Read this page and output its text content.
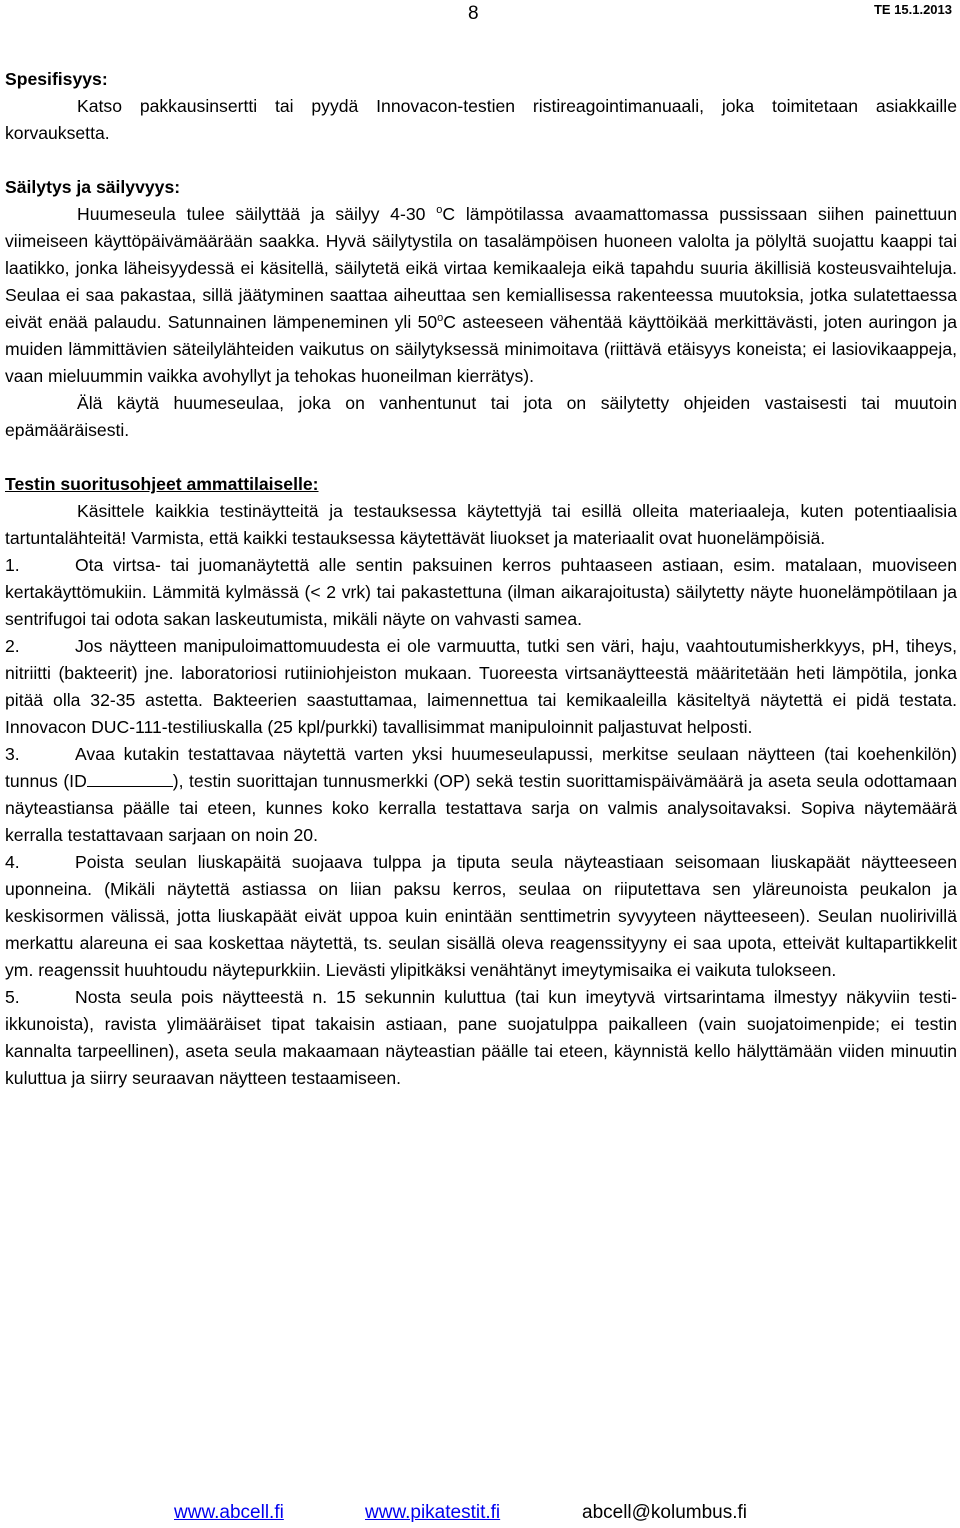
8	TE 15.1.2013

Spesifisyys:

Katso pakkausinsertti tai pyydä Innovacon-testien ristireagointimanuaali, joka toimitetaan asiakkaille korvauksetta.

Säilytys ja säilyvyys:

Huumeseula tulee säilyttää ja säilyy 4-30 $^o$C lämpötilassa avaamattomassa pussissaan siihen painettuun viimeiseen käyttöpäivämäärään saakka. Hyvä säilytystila on tasalämpöisen huoneen valolta ja pölyltä suojattu kaappi tai laatikko, jonka läheisyydessä ei käsitellä, säilytetä eikä virtaa kemikaaleja eikä tapahdu suuria äkillisiä kosteusvaihteluja. Seulaa ei saa pakastaa, sillä jäätyminen saattaa aiheuttaa sen kemiallisessa rakenteessa muutoksia, jotka sulatettaessa eivät enää palaudu. Satunnainen lämpeneminen yli 50$^o$C asteeseen vähentää käyttöikää merkittävästi, joten auringon ja muiden lämmittävien säteilylähteiden vaikutus on säilytyksessä minimoitava (riittävä etäisyys koneista; ei lasiovikaappeja, vaan mieluummin vaikka avohyllyt ja tehokas huoneilman kierrätys).

Älä käytä huumeseulaa, joka on vanhentunut tai jota on säilytetty ohjeiden vastaisesti tai muutoin epämääräisesti.

Testin suoritusohjeet ammattilaiselle:

Käsittele kaikkia testinäytteitä ja testauksessa käytettyjä tai esillä olleita materiaaleja, kuten potentiaalisia tartuntalähteitä! Varmista, että kaikki testauksessa käytettävät liuokset ja materiaalit ovat huonelämpöisiä.

1.	Ota virtsa- tai juomanäytettä alle sentin paksuinen kerros puhtaaseen astiaan, esim. matalaan, muoviseen kertakäyttömukiin. Lämmitä kylmässä (< 2 vrk) tai pakastettuna (ilman aikarajoitusta) säilytetty näyte huonelämpötilaan ja sentrifugoi tai odota sakan laskeutumista, mikäli näyte on vahvasti samea.

2.	Jos näytteen manipuloimattomuudesta ei ole varmuutta, tutki sen väri, haju, vaahtoutumisherkkyys, pH, tiheys, nitriitti (bakteerit) jne. laboratoriosi rutiiniohjeiston mukaan. Tuoreesta virtsanäytteestä määritetään heti lämpötila, jonka pitää olla 32-35 astetta. Bakteerien saastuttamaa, laimennettua tai kemikaaleilla käsiteltyä näytettä ei pidä testata. Innovacon DUC-111-testiliuskalla (25 kpl/purkki) tavallisimmat manipuloinnit paljastuvat helposti.

3.	Avaa kutakin testattavaa näytettä varten yksi huumeseulapussi, merkitse seulaan näytteen (tai koehenkilön) tunnus (ID	), testin suorittajan tunnusmerkki (OP) sekä testin suorittamispäivämäärä ja aseta seula odottamaan näyteastiansa päälle tai eteen, kunnes koko kerralla testattava sarja on valmis analysoitavaksi. Sopiva näytemäärä kerralla testattavaan sarjaan on noin 20.

4.	Poista seulan liuskapäitä suojaava tulppa ja tiputa seula näyteastiaan seisomaan liuskapäät näytteeseen uponneina. (Mikäli näytettä astiassa on liian paksu kerros, seulaa on riiputettava sen yläreunoista peukalon ja keskisormen välissä, jotta liuskapäät eivät uppoa kuin enintään senttimetrin syvyyteen näytteeseen). Seulan nuolirivillä merkattu alareuna ei saa koskettaa näytettä, ts. seulan sisällä oleva reagenssityyny ei saa upota, etteivät kultapartikkelit ym. reagenssit huuhtoudu näytepurkkiin. Lievästi ylipitkäksi venähtänyt imeytymisaika ei vaikuta tulokseen.

5.	Nosta seula pois näytteestä n. 15 sekunnin kuluttua (tai kun imeytyvä virtsarintama ilmestyy näkyviin testi-ikkunoista), ravista ylimääräiset tipat takaisin astiaan, pane suojatulppa paikalleen (vain suojatoimenpide; ei testin kannalta tarpeellinen), aseta seula makaamaan näyteastian päälle tai eteen, käynnistä kello hälyttämään viiden minuutin kuluttua ja siirry seuraavan näytteen testaamiseen.

www.abcell.fi	www.pikatestit.fi	abcell@kolumbus.fi
